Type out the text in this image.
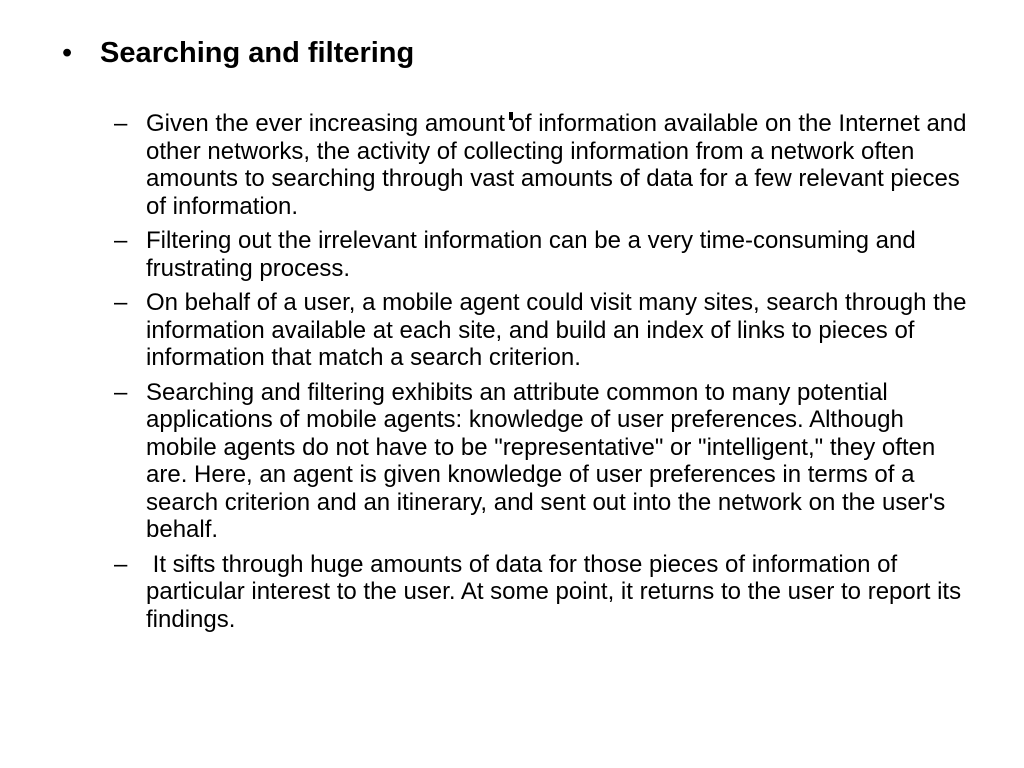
• Searching and filtering
– Given the ever increasing amount of information available on the Internet and other networks, the activity of collecting information from a network often amounts to searching through vast amounts of data for a few relevant pieces of information.
– Filtering out the irrelevant information can be a very time-consuming and frustrating process.
– On behalf of a user, a mobile agent could visit many sites, search through the information available at each site, and build an index of links to pieces of information that match a search criterion.
– Searching and filtering exhibits an attribute common to many potential applications of mobile agents: knowledge of user preferences. Although mobile agents do not have to be "representative" or "intelligent," they often are. Here, an agent is given knowledge of user preferences in terms of a search criterion and an itinerary, and sent out into the network on the user's behalf.
– It sifts through huge amounts of data for those pieces of information of particular interest to the user. At some point, it returns to the user to report its findings.
